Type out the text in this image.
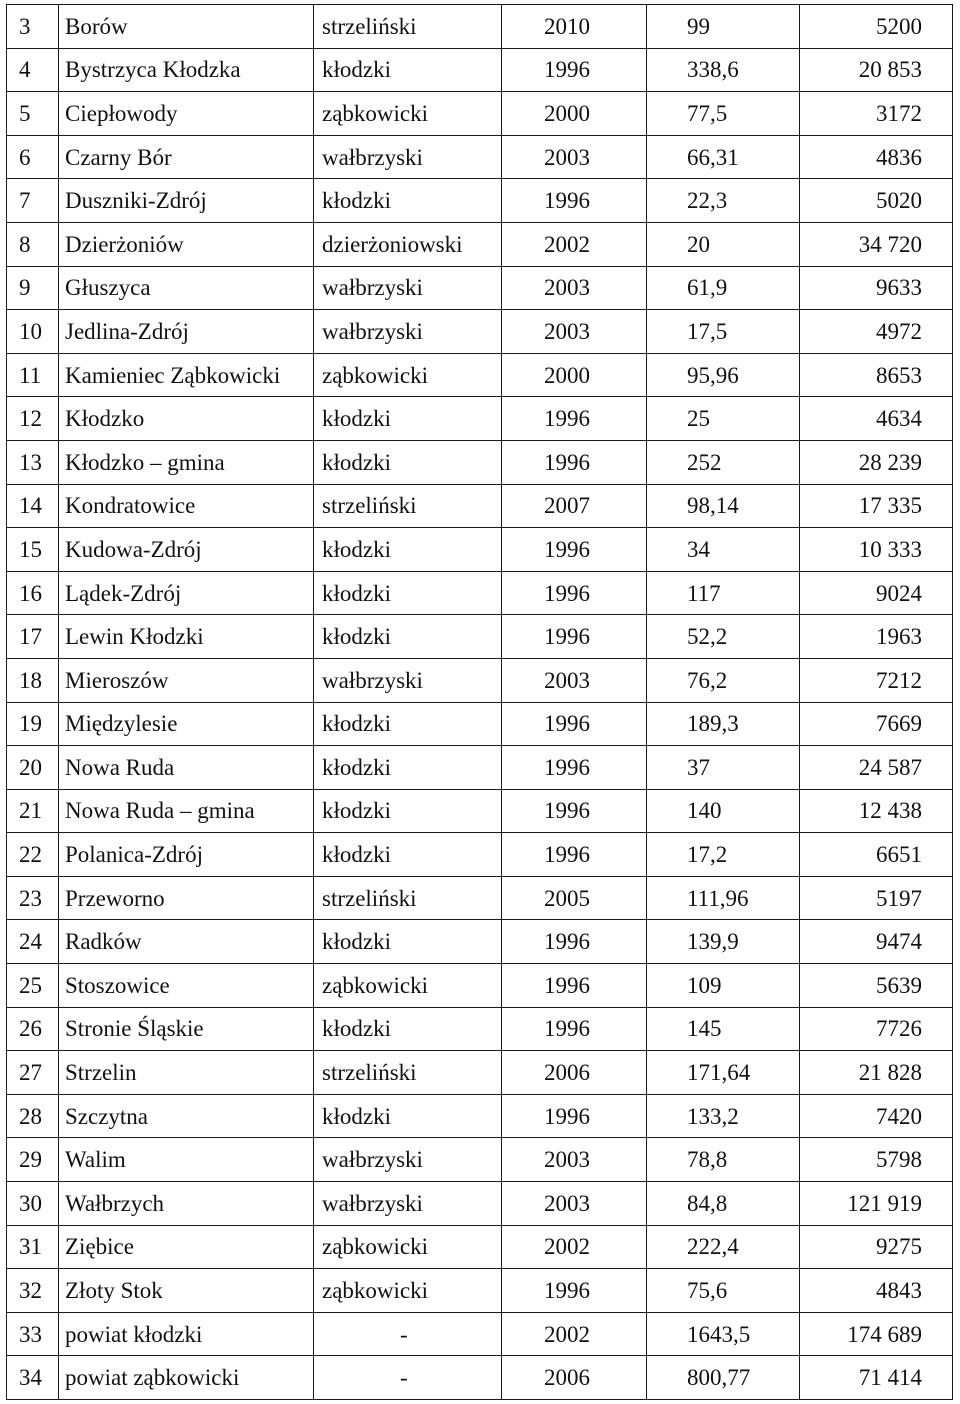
3	Borów	strzeliński	2010	99	5200
4	Bystrzyca Kłodzka	kłodzki	1996	338,6	20 853
5	Ciepłowody	ząbkowicki	2000	77,5	3172
6	Czarny Bór	wałbrzyski	2003	66,31	4836
7	Duszniki-Zdrój	kłodzki	1996	22,3	5020
8	Dzierżoniów	dzierżoniowski	2002	20	34 720
9	Głuszyca	wałbrzyski	2003	61,9	9633
10	Jedlina-Zdrój	wałbrzyski	2003	17,5	4972
11	Kamieniec Ząbkowicki	ząbkowicki	2000	95,96	8653
12	Kłodzko	kłodzki	1996	25	4634
13	Kłodzko – gmina	kłodzki	1996	252	28 239
14	Kondratowice	strzeliński	2007	98,14	17 335
15	Kudowa-Zdrój	kłodzki	1996	34	10 333
16	Lądek-Zdrój	kłodzki	1996	117	9024
17	Lewin Kłodzki	kłodzki	1996	52,2	1963
18	Mieroszów	wałbrzyski	2003	76,2	7212
19	Międzylesie	kłodzki	1996	189,3	7669
20	Nowa Ruda	kłodzki	1996	37	24 587
21	Nowa Ruda – gmina	kłodzki	1996	140	12 438
22	Polanica-Zdrój	kłodzki	1996	17,2	6651
23	Przeworno	strzeliński	2005	111,96	5197
24	Radków	kłodzki	1996	139,9	9474
25	Stoszowice	ząbkowicki	1996	109	5639
26	Stronie Śląskie	kłodzki	1996	145	7726
27	Strzelin	strzeliński	2006	171,64	21 828
28	Szczytna	kłodzki	1996	133,2	7420
29	Walim	wałbrzyski	2003	78,8	5798
30	Wałbrzych	wałbrzyski	2003	84,8	121 919
31	Ziębice	ząbkowicki	2002	222,4	9275
32	Złoty Stok	ząbkowicki	1996	75,6	4843
33	powiat kłodzki	-	2002	1643,5	174 689
34	powiat ząbkowicki	-	2006	800,77	71 414
